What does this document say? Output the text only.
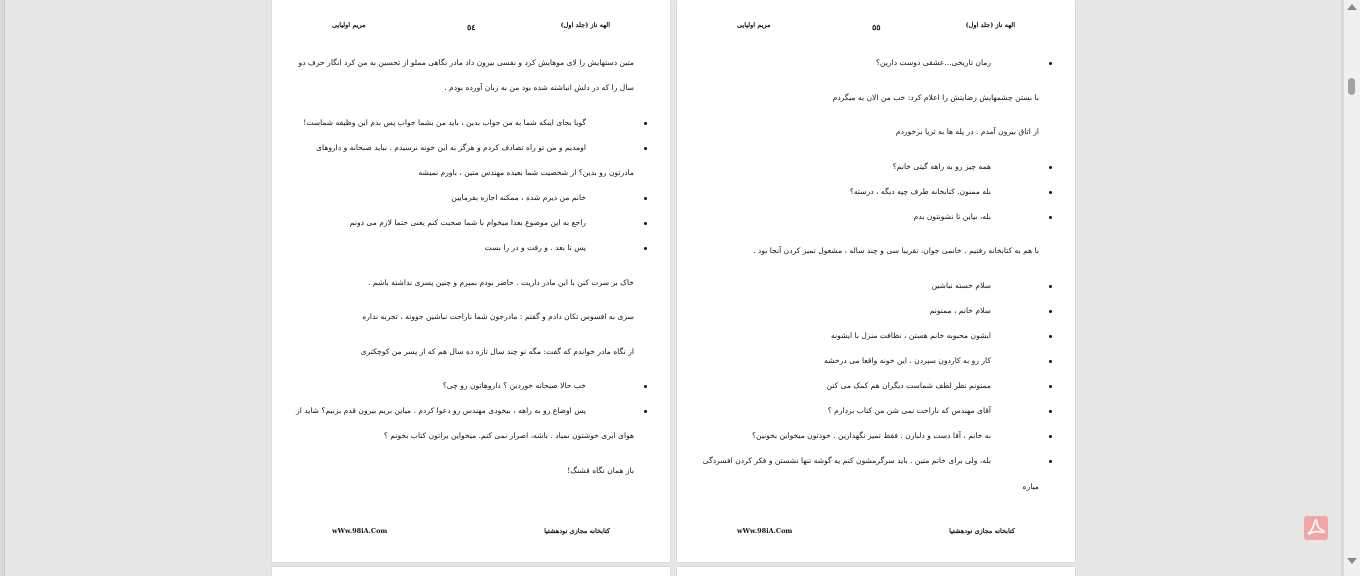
الهه ناز (جلد اول)
٥٤
مریم اولیایی
متین دستهایش را لای موهایش کرد و نفسی بیرون داد مادر نگاهی مملو از تحسین به من کرد انگار حرف دو
سال را که در دلش انباشته شده بود من به زبان آورده بودم .
گویا بجای اینکه شما به من جواب بدین ، باید من بشما جواب پس بدم این وظیفه شماست!
اومدیم و من تو راه تصادف کردم و هرگز به این خونه نرسیدم . نباید صبحانه و داروهای
مادرتون رو بدین؟ از شخصیت شما بعیده مهندس متین ، باورم نمیشه
خانم من دیرم شده ، ممکنه اجازه بفرمایین
راجع به این موضوع بعدا میخوام با شما صحبت کنم یعنی حتما لازم می دونم
پس تا بعد . و رفت و در را بست
خاک بر سرت کنن با این مادر داریت . حاضر بودم بمیرم و چنین پسری نداشته باشم .
سری به افسوس تکان دادم و گفتم : مادرجون شما ناراحت نباشین جوونه ، تجربه نداره
از نگاه مادر خواندم که گفت: مگه تو چند سال تازه ده سال هم که از پسر من کوچکتری
خب حالا صبحانه خوردین ؟ داروهاتون رو چی؟
پس اوضاع رو به راهه ، بیخودی مهندس رو دعوا کردم . میاین بریم بیرون قدم بزنیم؟ شاید از
هوای ابری خوشتون نمیاد . باشه، اصرار نمی کنم. میخواین براتون کتاب بخونم ؟
باز همان نگاه قشنگ!
wWw.98iA.Com	کتابخانه مجازی نودهشتیا
الهه ناز (جلد اول)
٥٥
مریم اولیایی
رمان تاریخی...عشقی دوست دارین؟
با بستن چشمهایش رضایتش را اعلام کرد: خب من الان به میگردم
از اتاق بیرون آمدم . در پله ها به ثریا برخوردم
همه چیز رو به راهه گیتی خانم؟
بله ممنون. کتابخانه طرف چپه دیگه ، درسته؟
بله، بیاین تا نشونتون بدم
با هم به کتابخانه رفتیم . خانمی جوان، تقریبا سی و چند ساله ، مشغول تمیز کردن آنجا بود .
سلام خسته نباشین
سلام خانم ، ممنونم
ایشون محبوبه خانم هستن ، نظافت منزل با ایشونه
کار رو به کاردون سپردن . این خونه واقعا می درخشه
ممنونم نظر لطف شماست دیگران هم کمک می کنن
آقای مهندس که ناراحت نمی شن من کتاب بردارم ؟
نه خانم ، آقا دست و دلبازن . فقط تمیز نگهدارین . خودتون میخواین بخونین؟
بله، ولی برای خانم متین . باید سرگرمشون کنم یه گوشه تنها نشستن و فکر کردن افسردگی
میاره
wWw.98iA.Com	کتابخانه مجازی نودهشتیا
